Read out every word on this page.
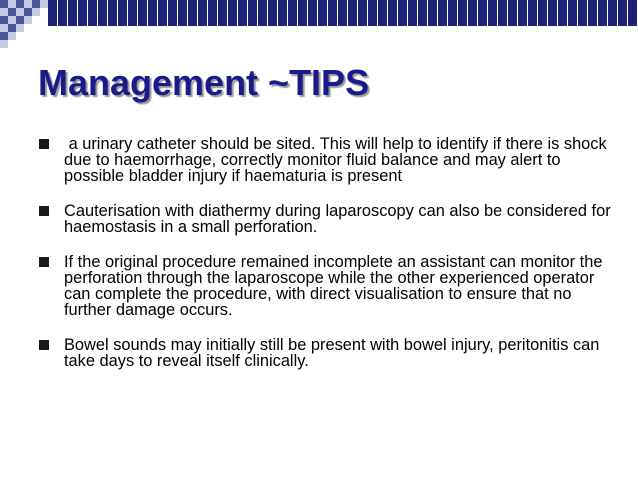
Management ~TIPS
a urinary catheter should be sited. This will help to identify if there is shock due to haemorrhage, correctly monitor fluid balance and may alert to possible bladder injury if haematuria is present
Cauterisation with diathermy during laparoscopy can also be considered for haemostasis in a small perforation.
If the original procedure remained incomplete an assistant can monitor the perforation through the laparoscope while the other experienced operator can complete the procedure, with direct visualisation to ensure that no further damage occurs.
Bowel sounds may initially still be present with bowel injury, peritonitis can take days to reveal itself clinically.
